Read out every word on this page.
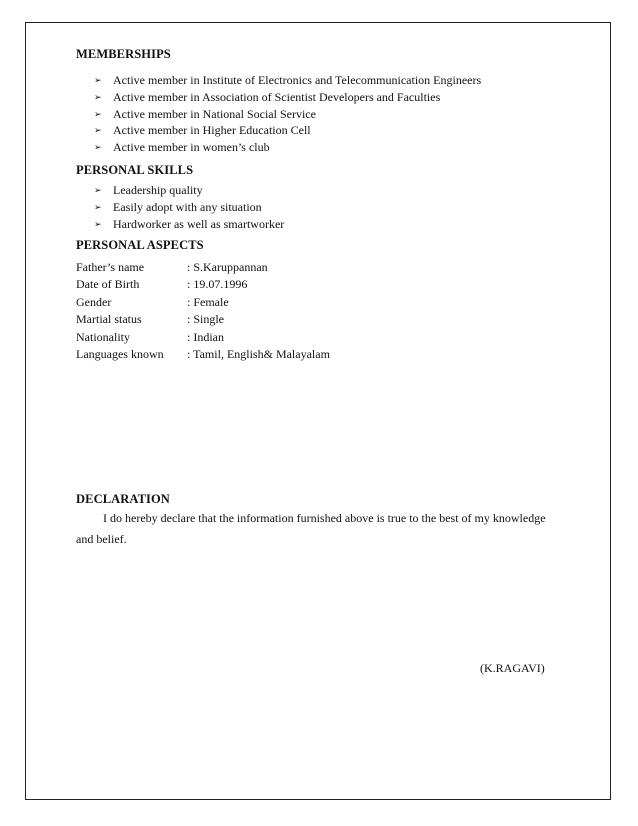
MEMBERSHIPS
➢ Active member in Institute of Electronics and Telecommunication Engineers
➢ Active member in Association of Scientist Developers and Faculties
➢ Active member in National Social Service
➢ Active member in Higher Education Cell
➢ Active member in women’s club
PERSONAL SKILLS
➢ Leadership quality
➢ Easily adopt with any situation
➢ Hardworker as well as smartworker
PERSONAL ASPECTS
Father’s name	: S.Karuppannan
Date of Birth	: 19.07.1996
Gender	: Female
Martial status	: Single
Nationality	: Indian
Languages known : Tamil, English& Malayalam
DECLARATION
I do hereby declare that the information furnished above is true to the best of my knowledge and belief.
(K.RAGAVI)
